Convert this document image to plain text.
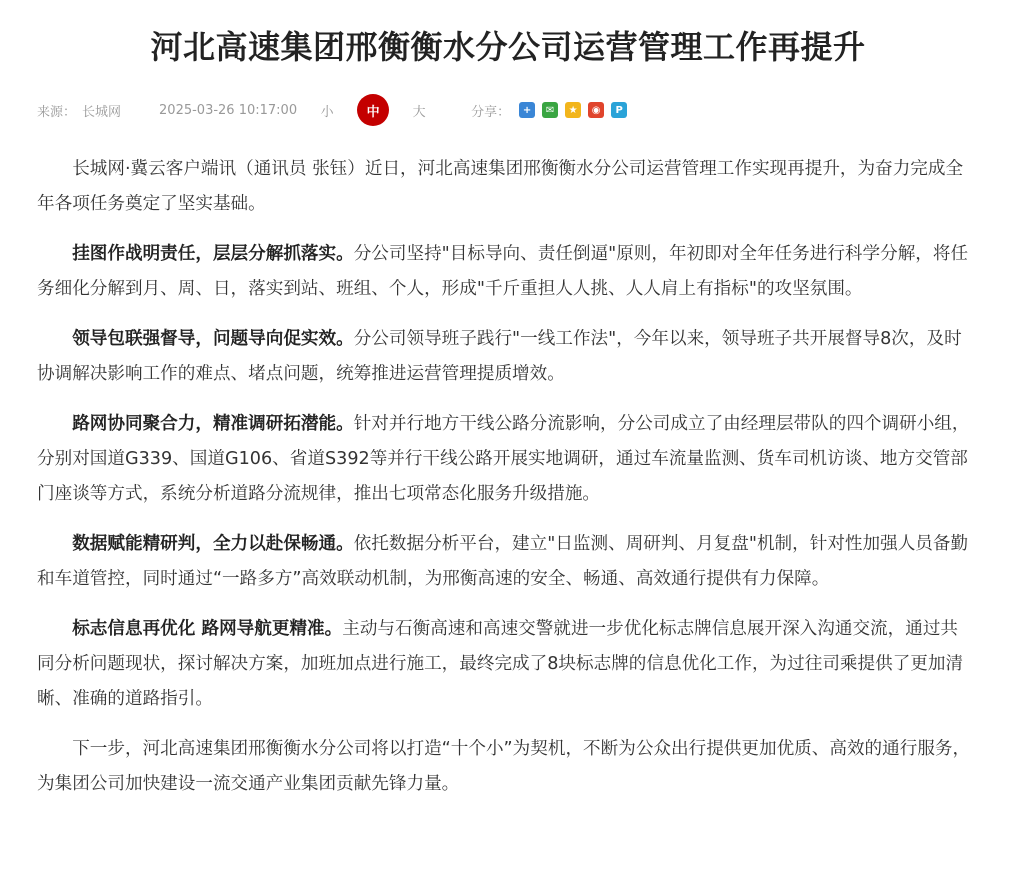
河北高速集团邢衡衡水分公司运营管理工作再提升
来源： 长城网	2025-03-26 10:17:00	小	中	大	分享：	+	✉	★	◉	P

长城网·冀云客户端讯（通讯员 张钰）近日，河北高速集团邢衡衡水分公司运营管理工作实现再提升，为奋力完成全年各项任务奠定了坚实基础。

挂图作战明责任，层层分解抓落实。分公司坚持"目标导向、责任倒逼"原则，年初即对全年任务进行科学分解，将任务细化分解到月、周、日，落实到站、班组、个人，形成"千斤重担人人挑、人人肩上有指标"的攻坚氛围。

领导包联强督导，问题导向促实效。分公司领导班子践行"一线工作法"，今年以来，领导班子共开展督导8次，及时协调解决影响工作的难点、堵点问题，统筹推进运营管理提质增效。

路网协同聚合力，精准调研拓潜能。针对并行地方干线公路分流影响，分公司成立了由经理层带队的四个调研小组，分别对国道G339、国道G106、省道S392等并行干线公路开展实地调研，通过车流量监测、货车司机访谈、地方交管部门座谈等方式，系统分析道路分流规律，推出七项常态化服务升级措施。

数据赋能精研判，全力以赴保畅通。依托数据分析平台，建立"日监测、周研判、月复盘"机制，针对性加强人员备勤和车道管控，同时通过“一路多方”高效联动机制，为邢衡高速的安全、畅通、高效通行提供有力保障。

标志信息再优化 路网导航更精准。主动与石衡高速和高速交警就进一步优化标志牌信息展开深入沟通交流，通过共同分析问题现状，探讨解决方案，加班加点进行施工，最终完成了8块标志牌的信息优化工作，为过往司乘提供了更加清晰、准确的道路指引。

下一步，河北高速集团邢衡衡水分公司将以打造“十个小”为契机，不断为公众出行提供更加优质、高效的通行服务，为集团公司加快建设一流交通产业集团贡献先锋力量。
